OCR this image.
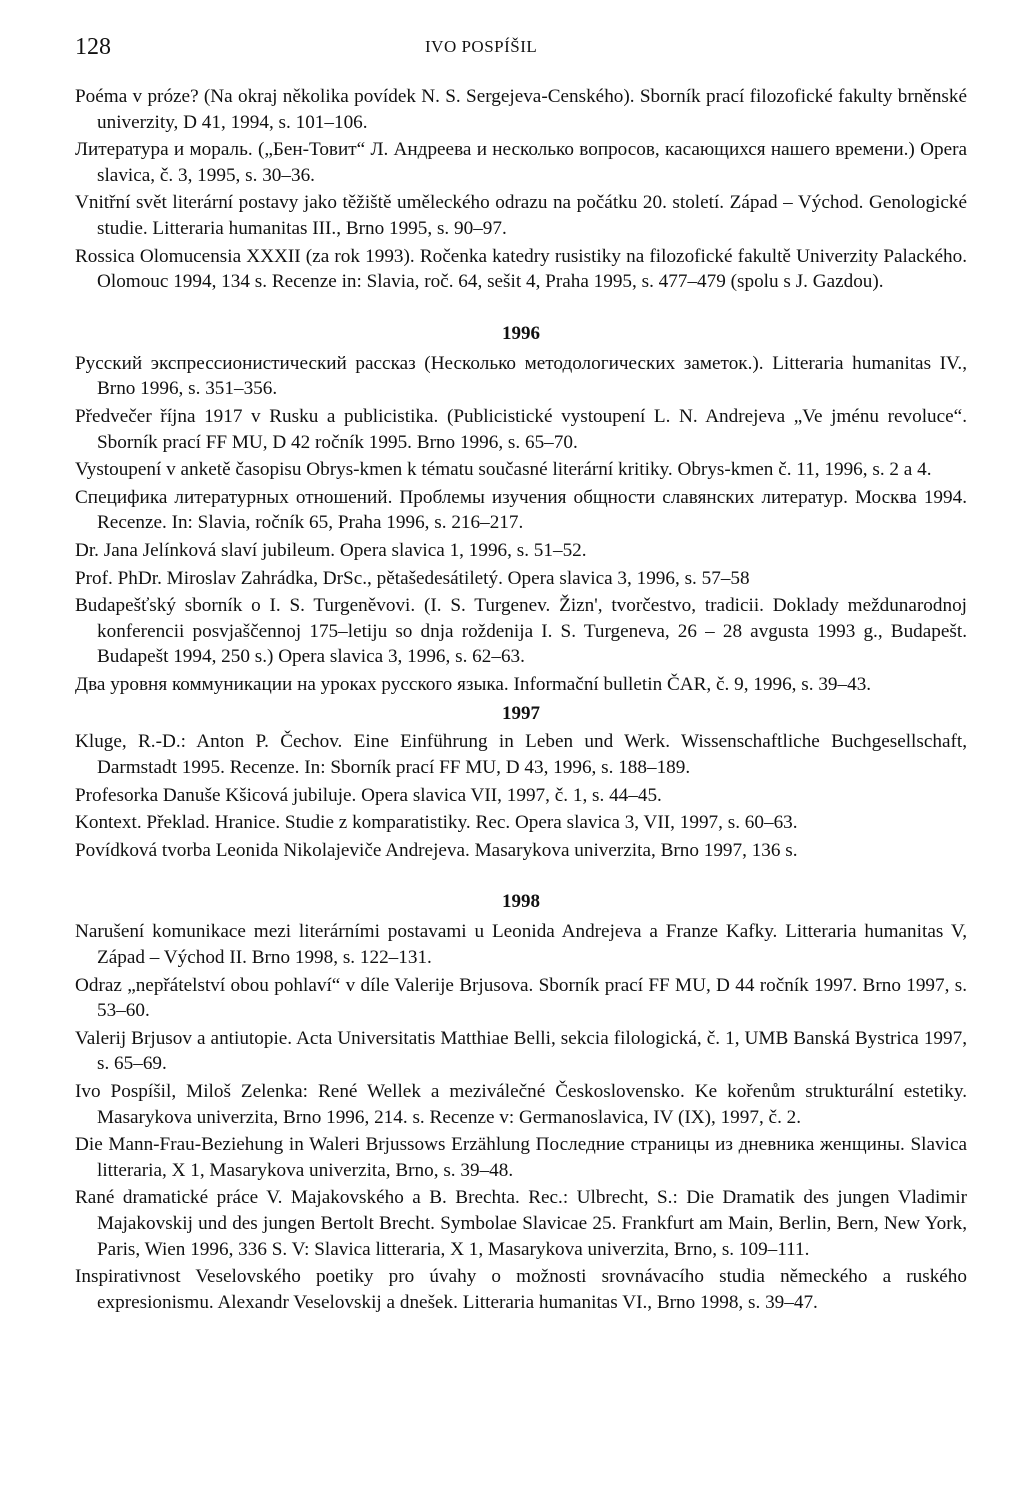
128	IVO POSPÍŠIL

Poéma v próze? (Na okraj několika povídek N. S. Sergejeva-Cenského). Sborník prací filozofické fakulty brněnské univerzity, D 41, 1994, s. 101–106.

Литература и мораль. („Бен-Товит“ Л. Андреева и несколько вопросов, касающихся нашего времени.) Opera slavica, č. 3, 1995, s. 30–36.

Vnitřní svět literární postavy jako těžiště uměleckého odrazu na počátku 20. století. Západ – Východ. Genologické studie. Litteraria humanitas III., Brno 1995, s. 90–97.

Rossica Olomucensia XXXII (za rok 1993). Ročenka katedry rusistiky na filozofické fakultě Univerzity Palackého. Olomouc 1994, 134 s. Recenze in: Slavia, roč. 64, sešit 4, Praha 1995, s. 477–479 (spolu s J. Gazdou).

1996

Русский экспрессионистический рассказ (Несколько методологических заметок.). Litteraria humanitas IV., Brno 1996, s. 351–356.

Předvečer října 1917 v Rusku a publicistika. (Publicistické vystoupení L. N. Andrejeva „Ve jménu revoluce“. Sborník prací FF MU, D 42 ročník 1995. Brno 1996, s. 65–70.

Vystoupení v anketě časopisu Obrys-kmen k tématu současné literární kritiky. Obrys-kmen č. 11, 1996, s. 2 a 4.

Специфика литературных отношений. Проблемы изучения общности славянских литератур. Москва 1994. Recenze. In: Slavia, ročník 65, Praha 1996, s. 216–217.

Dr. Jana Jelínková slaví jubileum. Opera slavica 1, 1996, s. 51–52.

Prof. PhDr. Miroslav Zahrádka, DrSc., pětašedesátiletý. Opera slavica 3, 1996, s. 57–58

Budapešťský sborník o I. S. Turgeněvovi. (I. S. Turgenev. Žizn', tvorčestvo, tradicii. Doklady meždunarodnoj konferencii posvjaščennoj 175–letiju so dnja roždenija I. S. Turgeneva, 26 – 28 avgusta 1993 g., Budapešt. Budapešt 1994, 250 s.) Opera slavica 3, 1996, s. 62–63.

Два уровня коммуникации на уроках русского языка. Informační bulletin ČAR, č. 9, 1996, s. 39–43.

1997

Kluge, R.-D.: Anton P. Čechov. Eine Einführung in Leben und Werk. Wissenschaftliche Buchgesellschaft, Darmstadt 1995. Recenze. In: Sborník prací FF MU, D 43, 1996, s. 188–189.

Profesorka Danuše Kšicová jubiluje. Opera slavica VII, 1997, č. 1, s. 44–45.

Kontext. Překlad. Hranice. Studie z komparatistiky. Rec. Opera slavica 3, VII, 1997, s. 60–63.

Povídková tvorba Leonida Nikolajeviče Andrejeva. Masarykova univerzita, Brno 1997, 136 s.

1998

Narušení komunikace mezi literárními postavami u Leonida Andrejeva a Franze Kafky. Litteraria humanitas V, Západ – Východ II. Brno 1998, s. 122–131.

Odraz „nepřátelství obou pohlaví“ v díle Valerije Brjusova. Sborník prací FF MU, D 44 ročník 1997. Brno 1997, s. 53–60.

Valerij Brjusov a antiutopie. Acta Universitatis Matthiae Belli, sekcia filologická, č. 1, UMB Banská Bystrica 1997, s. 65–69.

Ivo Pospíšil, Miloš Zelenka: René Wellek a meziválečné Československo. Ke kořenům strukturální estetiky. Masarykova univerzita, Brno 1996, 214. s. Recenze v: Germanoslavica, IV (IX), 1997, č. 2.

Die Mann-Frau-Beziehung in Waleri Brjussows Erzählung Последние страницы из дневника женщины. Slavica litteraria, X 1, Masarykova univerzita, Brno, s. 39–48.

Rané dramatické práce V. Majakovského a B. Brechta. Rec.: Ulbrecht, S.: Die Dramatik des jungen Vladimir Majakovskij und des jungen Bertolt Brecht. Symbolae Slavicae 25. Frankfurt am Main, Berlin, Bern, New York, Paris, Wien 1996, 336 S. V: Slavica litteraria, X 1, Masarykova univerzita, Brno, s. 109–111.

Inspirativnost Veselovského poetiky pro úvahy o možnosti srovnávacího studia německého a ruského expresionismu. Alexandr Veselovskij a dnešek. Litteraria humanitas VI., Brno 1998, s. 39–47.
